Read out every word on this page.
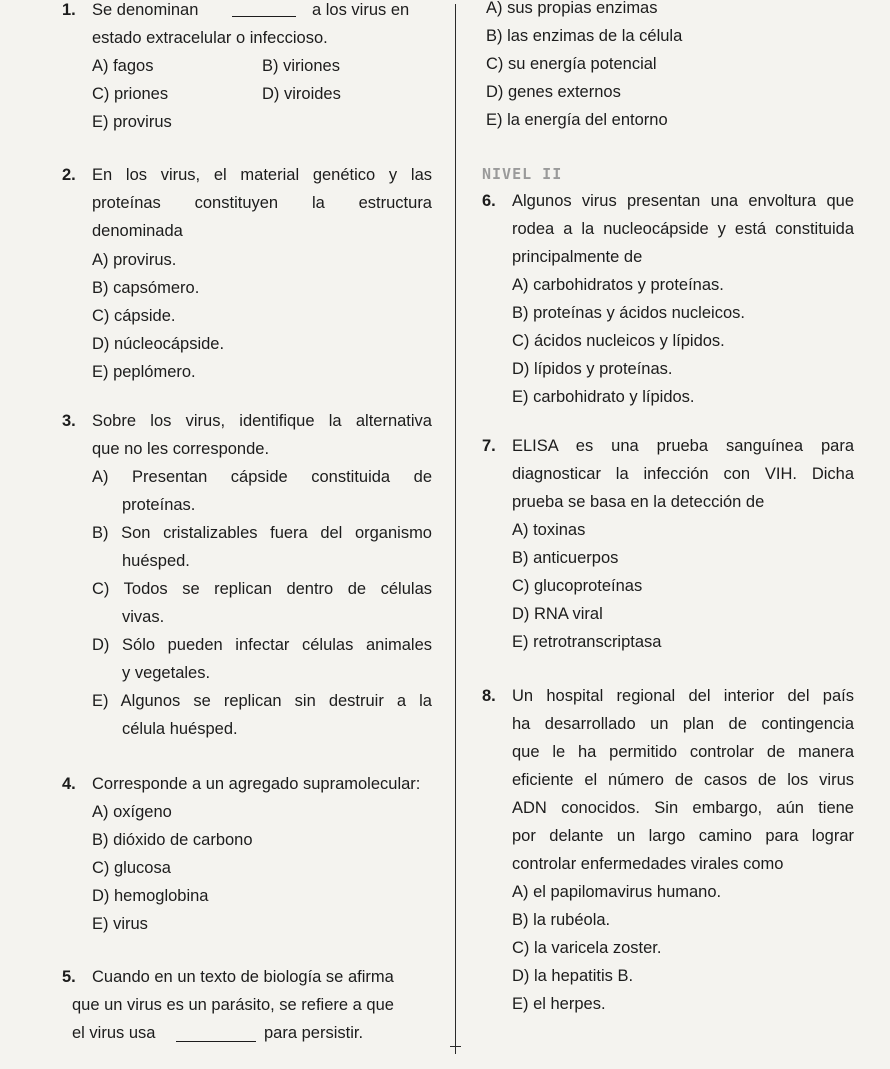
1. Se denominan	a los virus en
estado extracelular o infeccioso.
A) fagos	B) viriones
C) priones	D) viroides
E) provirus
2. En los virus, el material genético y las
proteínas constituyen la estructura
denominada
A) provirus.
B) capsómero.
C) cápside.
D) núcleocápside.
E) peplómero.
3. Sobre los virus, identifique la alternativa
que no les corresponde.
A) Presentan cápside constituida de
proteínas.
B) Son cristalizables fuera del organismo
huésped.
C) Todos se replican dentro de células
vivas.
D) Sólo pueden infectar células animales
y vegetales.
E) Algunos se replican sin destruir a la
célula huésped.
4. Corresponde a un agregado supramolecular:
A) oxígeno
B) dióxido de carbono
C) glucosa
D) hemoglobina
E) virus
5. Cuando en un texto de biología se afirma
que un virus es un parásito, se refiere a que
el virus usa	para persistir.
A) sus propias enzimas
B) las enzimas de la célula
C) su energía potencial
D) genes externos
E) la energía del entorno
NIVEL II
6. Algunos virus presentan una envoltura que
rodea a la nucleocápside y está constituida
principalmente de
A) carbohidratos y proteínas.
B) proteínas y ácidos nucleicos.
C) ácidos nucleicos y lípidos.
D) lípidos y proteínas.
E) carbohidrato y lípidos.
7. ELISA es una prueba sanguínea para
diagnosticar la infección con VIH. Dicha
prueba se basa en la detección de
A) toxinas
B) anticuerpos
C) glucoproteínas
D) RNA viral
E) retrotranscriptasa
8. Un hospital regional del interior del país
ha desarrollado un plan de contingencia
que le ha permitido controlar de manera
eficiente el número de casos de los virus
ADN conocidos. Sin embargo, aún tiene
por delante un largo camino para lograr
controlar enfermedades virales como
A) el papilomavirus humano.
B) la rubéola.
C) la varicela zoster.
D) la hepatitis B.
E) el herpes.
